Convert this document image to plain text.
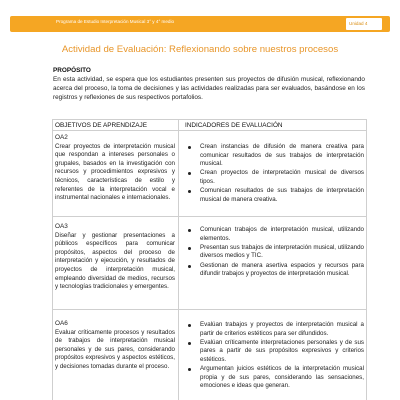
Programa de Estudio Interpretación Musical 3° y 4° medio	Unidad 4
Actividad de Evaluación: Reflexionando sobre nuestros procesos
PROPÓSITO
En esta actividad, se espera que los estudiantes presenten sus proyectos de difusión musical, reflexionando acerca del proceso, la toma de decisiones y las actividades realizadas para ser evaluados, basándose en los registros y reflexiones de sus respectivos portafolios.
OBJETIVOS DE APRENDIZAJE	INDICADORES DE EVALUACIÓN
OA2
Crear proyectos de interpretación musical que respondan a intereses personales o grupales, basados en la investigación con recursos y procedimientos expresivos y técnicos, características de estilo y referentes de la interpretación vocal e instrumental nacionales e internacionales.
Crean instancias de difusión de manera creativa para comunicar resultados de sus trabajos de interpretación musical.
Crean proyectos de interpretación musical de diversos tipos.
Comunican resultados de sus trabajos de interpretación musical de manera creativa.
OA3
Diseñar y gestionar presentaciones a públicos específicos para comunicar propósitos, aspectos del proceso de interpretación y ejecución, y resultados de proyectos de interpretación musical, empleando diversidad de medios, recursos y tecnologías tradicionales y emergentes.
Comunican trabajos de interpretación musical, utilizando elementos.
Presentan sus trabajos de interpretación musical, utilizando diversos medios y TIC.
Gestionan de manera asertiva espacios y recursos para difundir trabajos y proyectos de interpretación musical.
OA6
Evaluar críticamente procesos y resultados de trabajos de interpretación musical personales y de sus pares, considerando propósitos expresivos y aspectos estéticos, y decisiones tomadas durante el proceso.
Evalúan trabajos y proyectos de interpretación musical a partir de criterios estéticos para ser difundidos.
Evalúan críticamente interpretaciones personales y de sus pares a partir de sus propósitos expresivos y criterios estéticos.
Argumentan juicios estéticos de la interpretación musical propia y de sus pares, considerando las sensaciones, emociones e ideas que generan.
